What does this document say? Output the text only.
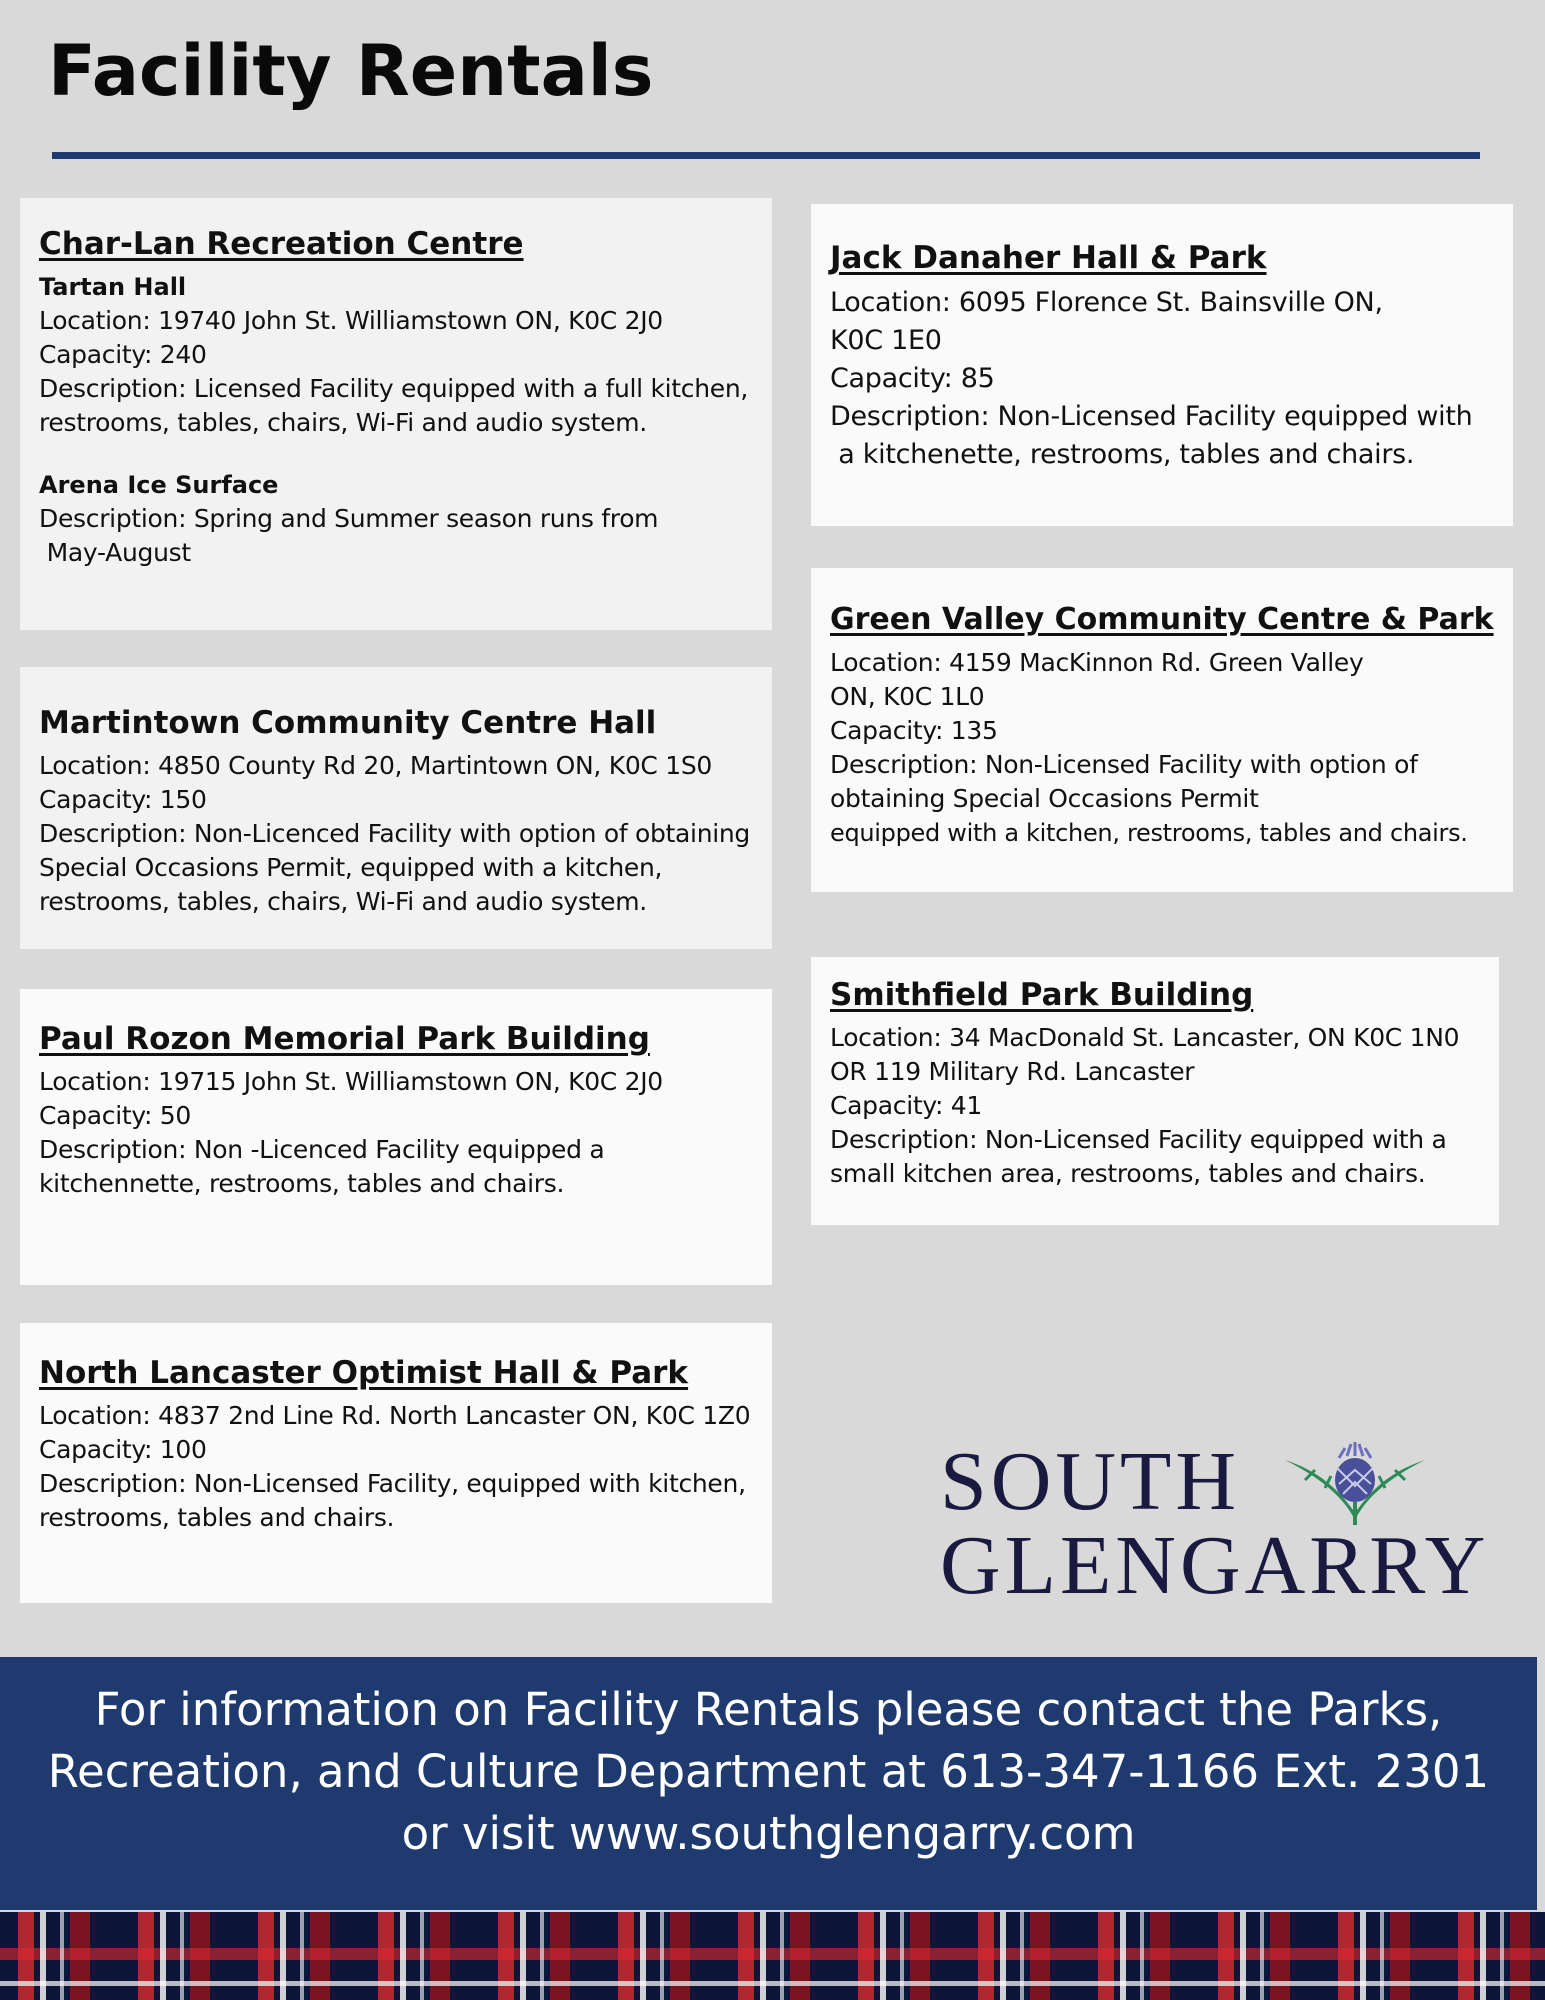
Facility Rentals
Char-Lan Recreation Centre
Tartan Hall

Location: 19740 John St. Williamstown ON, K0C 2J0

Capacity: 240

Description: Licensed Facility equipped with a full kitchen,

restrooms, tables, chairs, Wi-Fi and audio system.

Arena Ice Surface

Description: Spring and Summer season runs from

May-August

Martintown Community Centre Hall

Location: 4850 County Rd 20, Martintown ON, K0C 1S0

Capacity: 150

Description: Non-Licenced Facility with option of obtaining

Special Occasions Permit, equipped with a kitchen,

restrooms, tables, chairs, Wi-Fi and audio system.

Paul Rozon Memorial Park Building

Location: 19715 John St. Williamstown ON, K0C 2J0

Capacity: 50

Description: Non -Licenced Facility equipped a

kitchennette, restrooms, tables and chairs.

North Lancaster Optimist Hall & Park

Location: 4837 2nd Line Rd. North Lancaster ON, K0C 1Z0

Capacity: 100

Description: Non-Licensed Facility, equipped with kitchen,

restrooms, tables and chairs.

Jack Danaher Hall & Park

Location: 6095 Florence St. Bainsville ON,

K0C 1E0

Capacity: 85

Description: Non-Licensed Facility equipped with

a kitchenette, restrooms, tables and chairs.

Green Valley Community Centre & Park

Location: 4159 MacKinnon Rd. Green Valley

ON, K0C 1L0

Capacity: 135

Description: Non-Licensed Facility with option of

obtaining Special Occasions Permit

equipped with a kitchen, restrooms, tables and chairs.

Smithfield Park Building

Location: 34 MacDonald St. Lancaster, ON K0C 1N0

OR 119 Military Rd. Lancaster

Capacity: 41

Description: Non-Licensed Facility equipped with a

small kitchen area, restrooms, tables and chairs.

SOUTH
GLENGARRY

For information on Facility Rentals please contact the Parks,

Recreation, and Culture Department at 613-347-1166 Ext. 2301

or visit www.southglengarry.com
